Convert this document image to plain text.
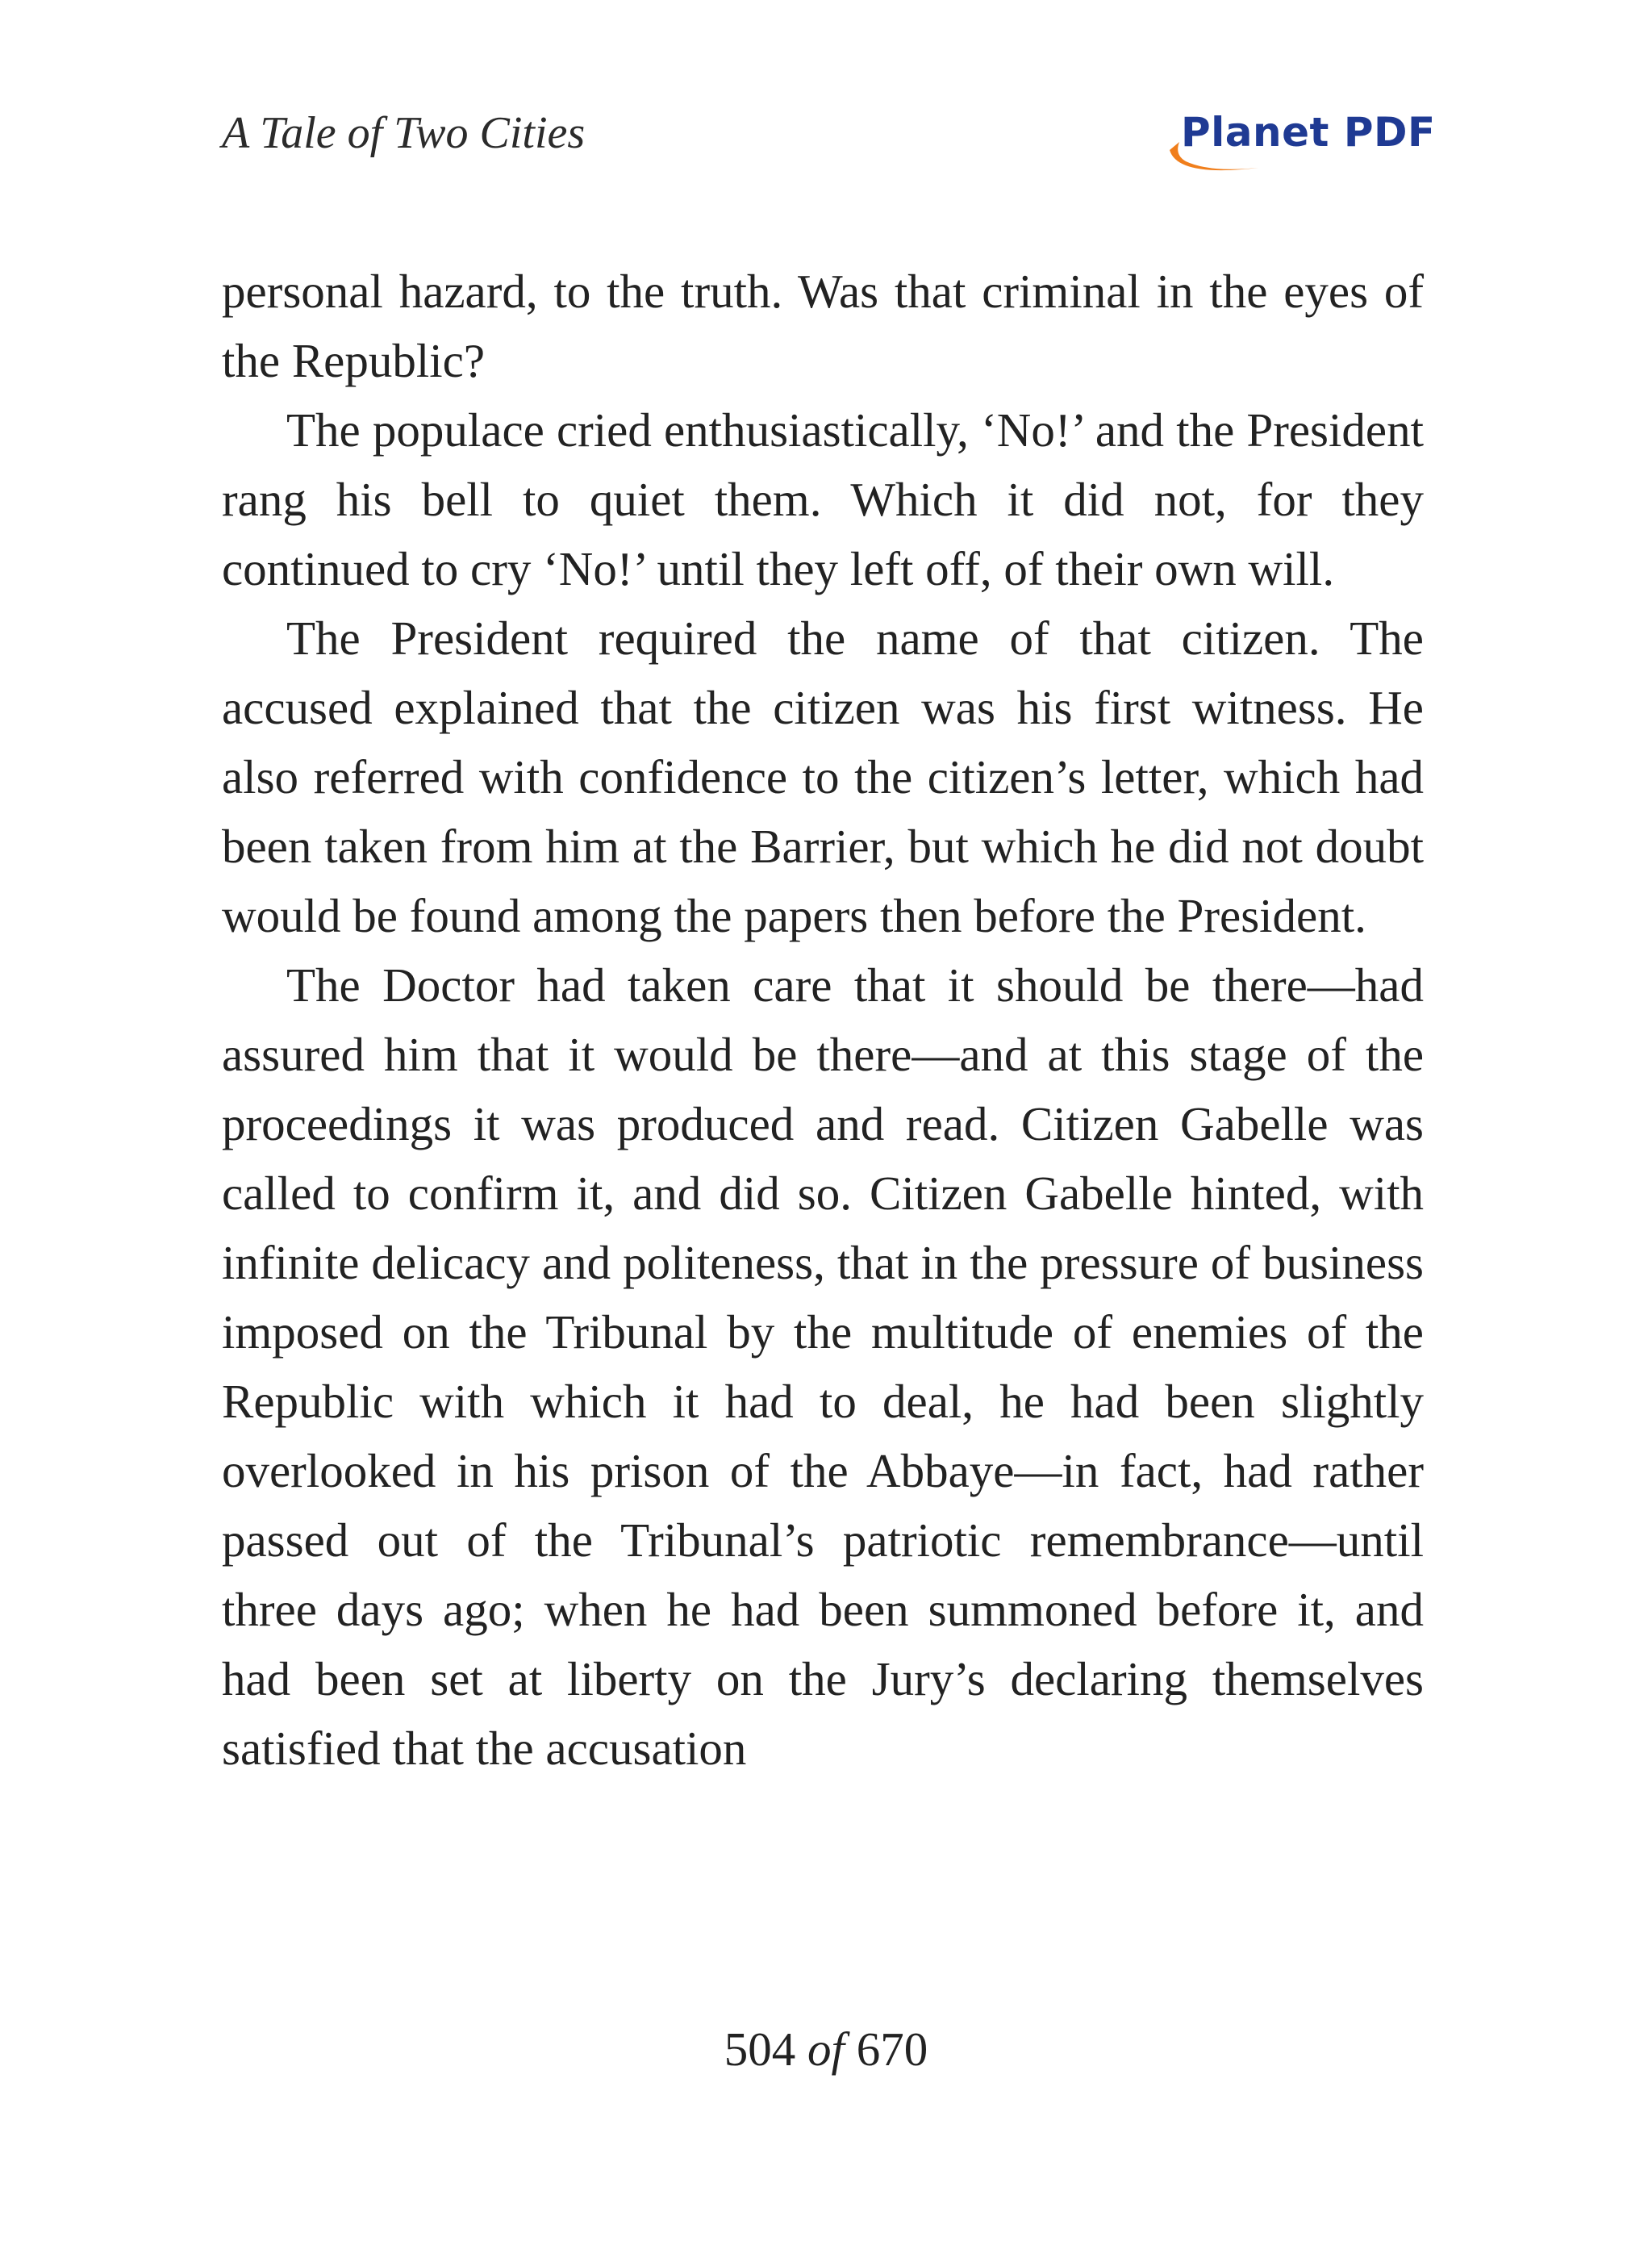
A Tale of Two Cities	Planet PDF

personal hazard, to the truth. Was that criminal in the eyes of the Republic?

The populace cried enthusiastically, ‘No!’ and the President rang his bell to quiet them. Which it did not, for they continued to cry ‘No!’ until they left off, of their own will.

The President required the name of that citizen. The accused explained that the citizen was his first witness. He also referred with confidence to the citizen’s letter, which had been taken from him at the Barrier, but which he did not doubt would be found among the papers then before the President.

The Doctor had taken care that it should be there—had assured him that it would be there—and at this stage of the proceedings it was produced and read. Citizen Gabelle was called to confirm it, and did so. Citizen Gabelle hinted, with infinite delicacy and politeness, that in the pressure of business imposed on the Tribunal by the multitude of enemies of the Republic with which it had to deal, he had been slightly overlooked in his prison of the Abbaye—in fact, had rather passed out of the Tribunal’s patriotic remembrance—until three days ago; when he had been summoned before it, and had been set at liberty on the Jury’s declaring themselves satisfied that the accusation

504 of 670
